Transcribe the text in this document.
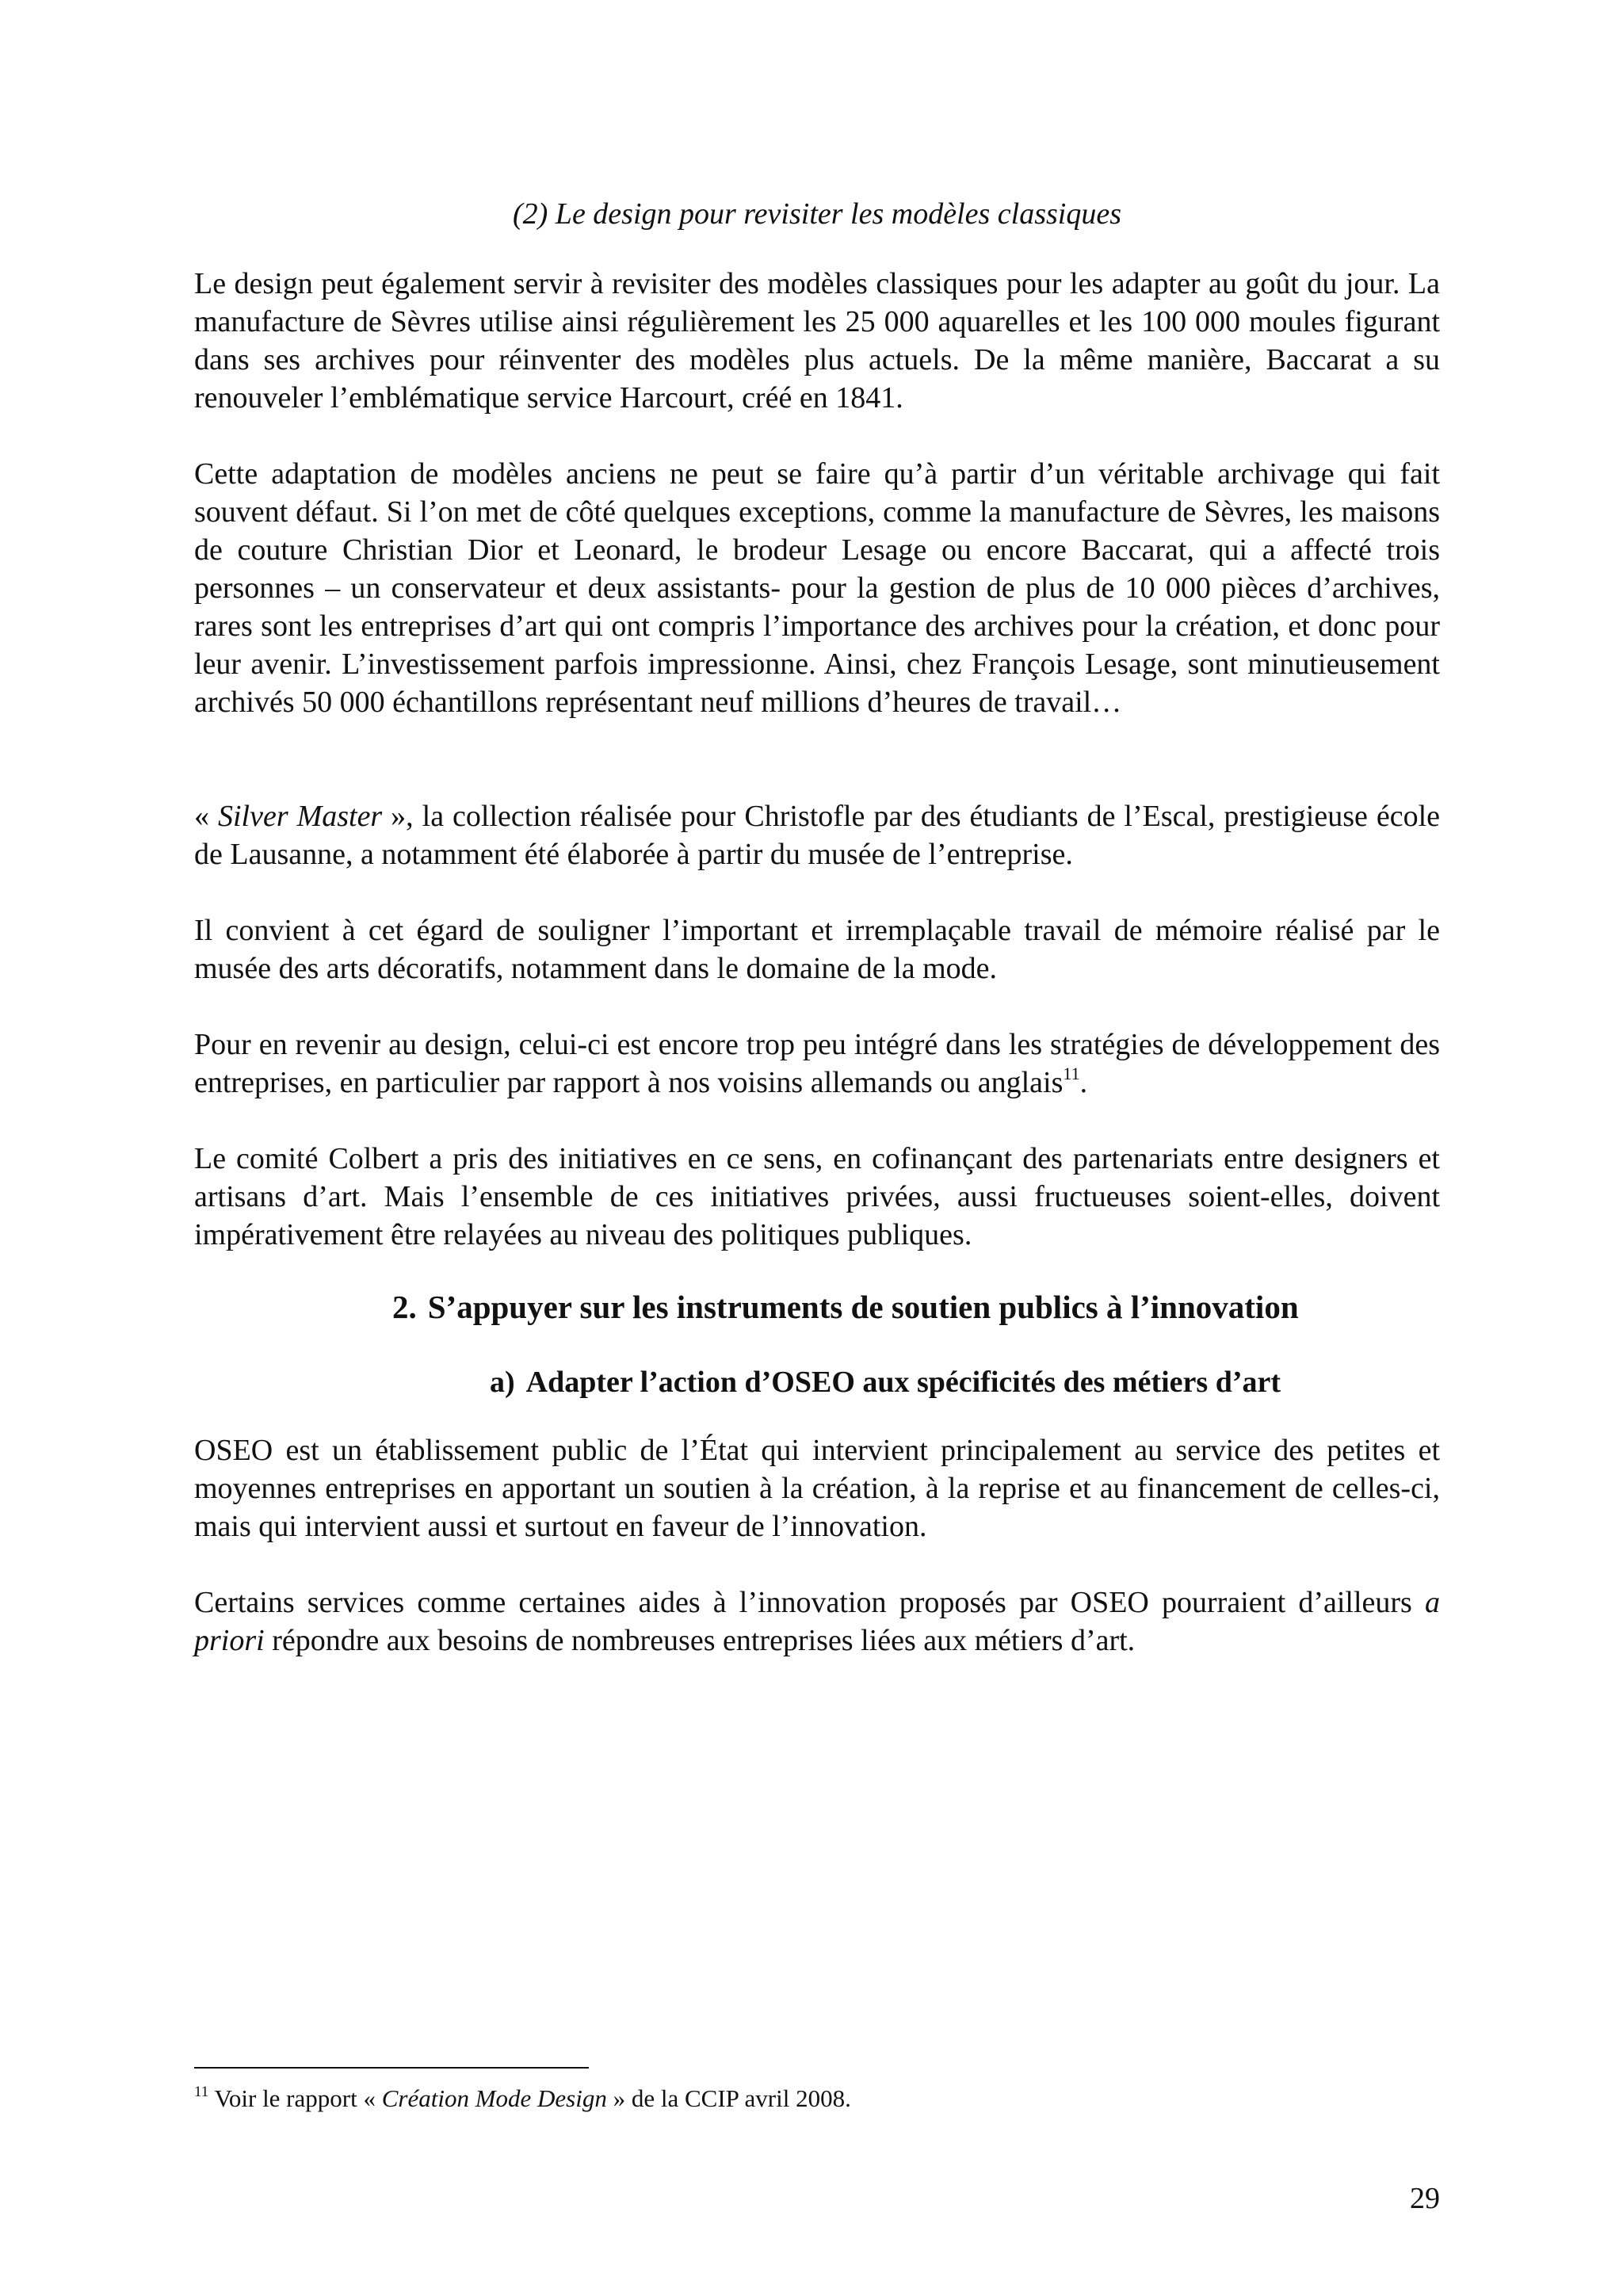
(2) Le design pour revisiter les modèles classiques

Le design peut également servir à revisiter des modèles classiques pour les adapter au goût du jour. La manufacture de Sèvres utilise ainsi régulièrement les 25 000 aquarelles et les 100 000 moules figurant dans ses archives pour réinventer des modèles plus actuels. De la même manière, Baccarat a su renouveler l’emblématique service Harcourt, créé en 1841.

Cette adaptation de modèles anciens ne peut se faire qu’à partir d’un véritable archivage qui fait souvent défaut. Si l’on met de côté quelques exceptions, comme la manufacture de Sèvres, les maisons de couture Christian Dior et Leonard, le brodeur Lesage ou encore Baccarat, qui a affecté trois personnes – un conservateur et deux assistants- pour la gestion de plus de 10 000 pièces d’archives, rares sont les entreprises d’art qui ont compris l’importance des archives pour la création, et donc pour leur avenir. L’investissement parfois impressionne. Ainsi, chez François Lesage, sont minutieusement archivés 50 000 échantillons représentant neuf millions d’heures de travail…

« Silver Master », la collection réalisée pour Christofle par des étudiants de l’Escal, prestigieuse école de Lausanne, a notamment été élaborée à partir du musée de l’entreprise.

Il convient à cet égard de souligner l’important et irremplaçable travail de mémoire réalisé par le musée des arts décoratifs, notamment dans le domaine de la mode.

Pour en revenir au design, celui-ci est encore trop peu intégré dans les stratégies de développement des entreprises, en particulier par rapport à nos voisins allemands ou anglais$^{11}$.

Le comité Colbert a pris des initiatives en ce sens, en cofinançant des partenariats entre designers et artisans d’art. Mais l’ensemble de ces initiatives privées, aussi fructueuses soient-elles, doivent impérativement être relayées au niveau des politiques publiques.

2. S’appuyer sur les instruments de soutien publics à l’innovation
a) Adapter l’action d’OSEO aux spécificités des métiers d’art

OSEO est un établissement public de l’État qui intervient principalement au service des petites et moyennes entreprises en apportant un soutien à la création, à la reprise et au financement de celles-ci, mais qui intervient aussi et surtout en faveur de l’innovation.

Certains services comme certaines aides à l’innovation proposés par OSEO pourraient d’ailleurs a priori répondre aux besoins de nombreuses entreprises liées aux métiers d’art.

$^{11}$ Voir le rapport « Création Mode Design » de la CCIP avril 2008.
29
